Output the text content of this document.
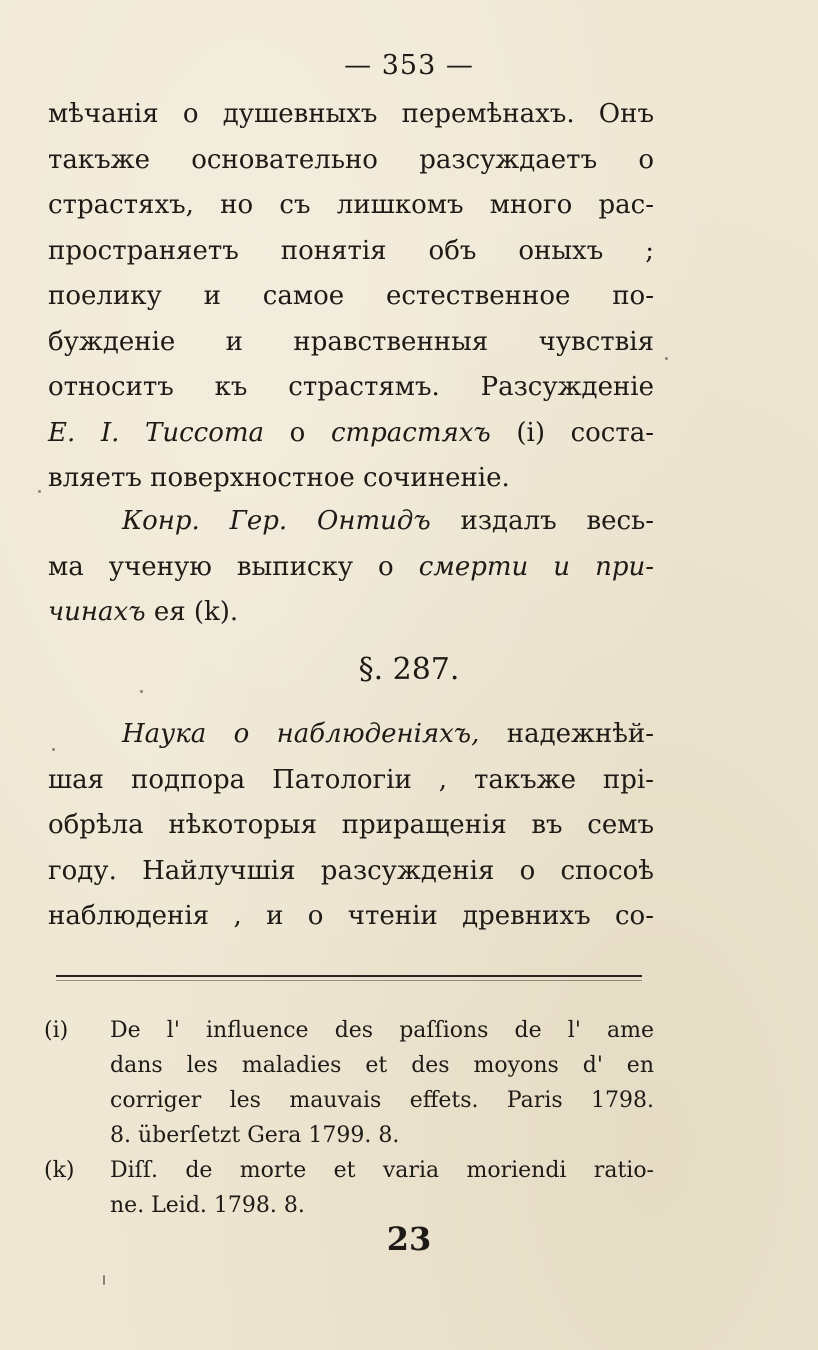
— 353 —
мѣчанія о душевныхъ перемѣнахъ. Онъ
такъже основательно разсуждаетъ о
страстяхъ, но съ лишкомъ много рас-
пространяетъ понятія объ оныхъ ;
поелику и самое естественное по-
бужденіе и нравственныя чувствія
относитъ къ страстямъ. Разсужденіе
Е. І. Тиссота о страстяхъ (і) соста-
вляетъ поверхностное сочиненіе.
Конр. Гер. Онтидъ издалъ весь-
ма ученую выписку о смерти и при-
чинахъ ея (k).
§. 287.
Наука о наблюденіяхъ, надежнѣй-
шая подпора Патологіи , такъже прі-
обрѣла нѣкоторыя приращенія въ семъ
году. Найлучшія разсужденія о спосоѣ
наблюденія , и о чтеніи древнихъ со-
(i) De l' influence des paſſions de l' ame
dans les maladies et des moyons d' en
corriger les mauvais effets. Paris 1798.
8. überſetzt Gera 1799. 8.
(k) Diſſ. de morte et varia moriendi ratio-
ne. Leid. 1798. 8.
23
